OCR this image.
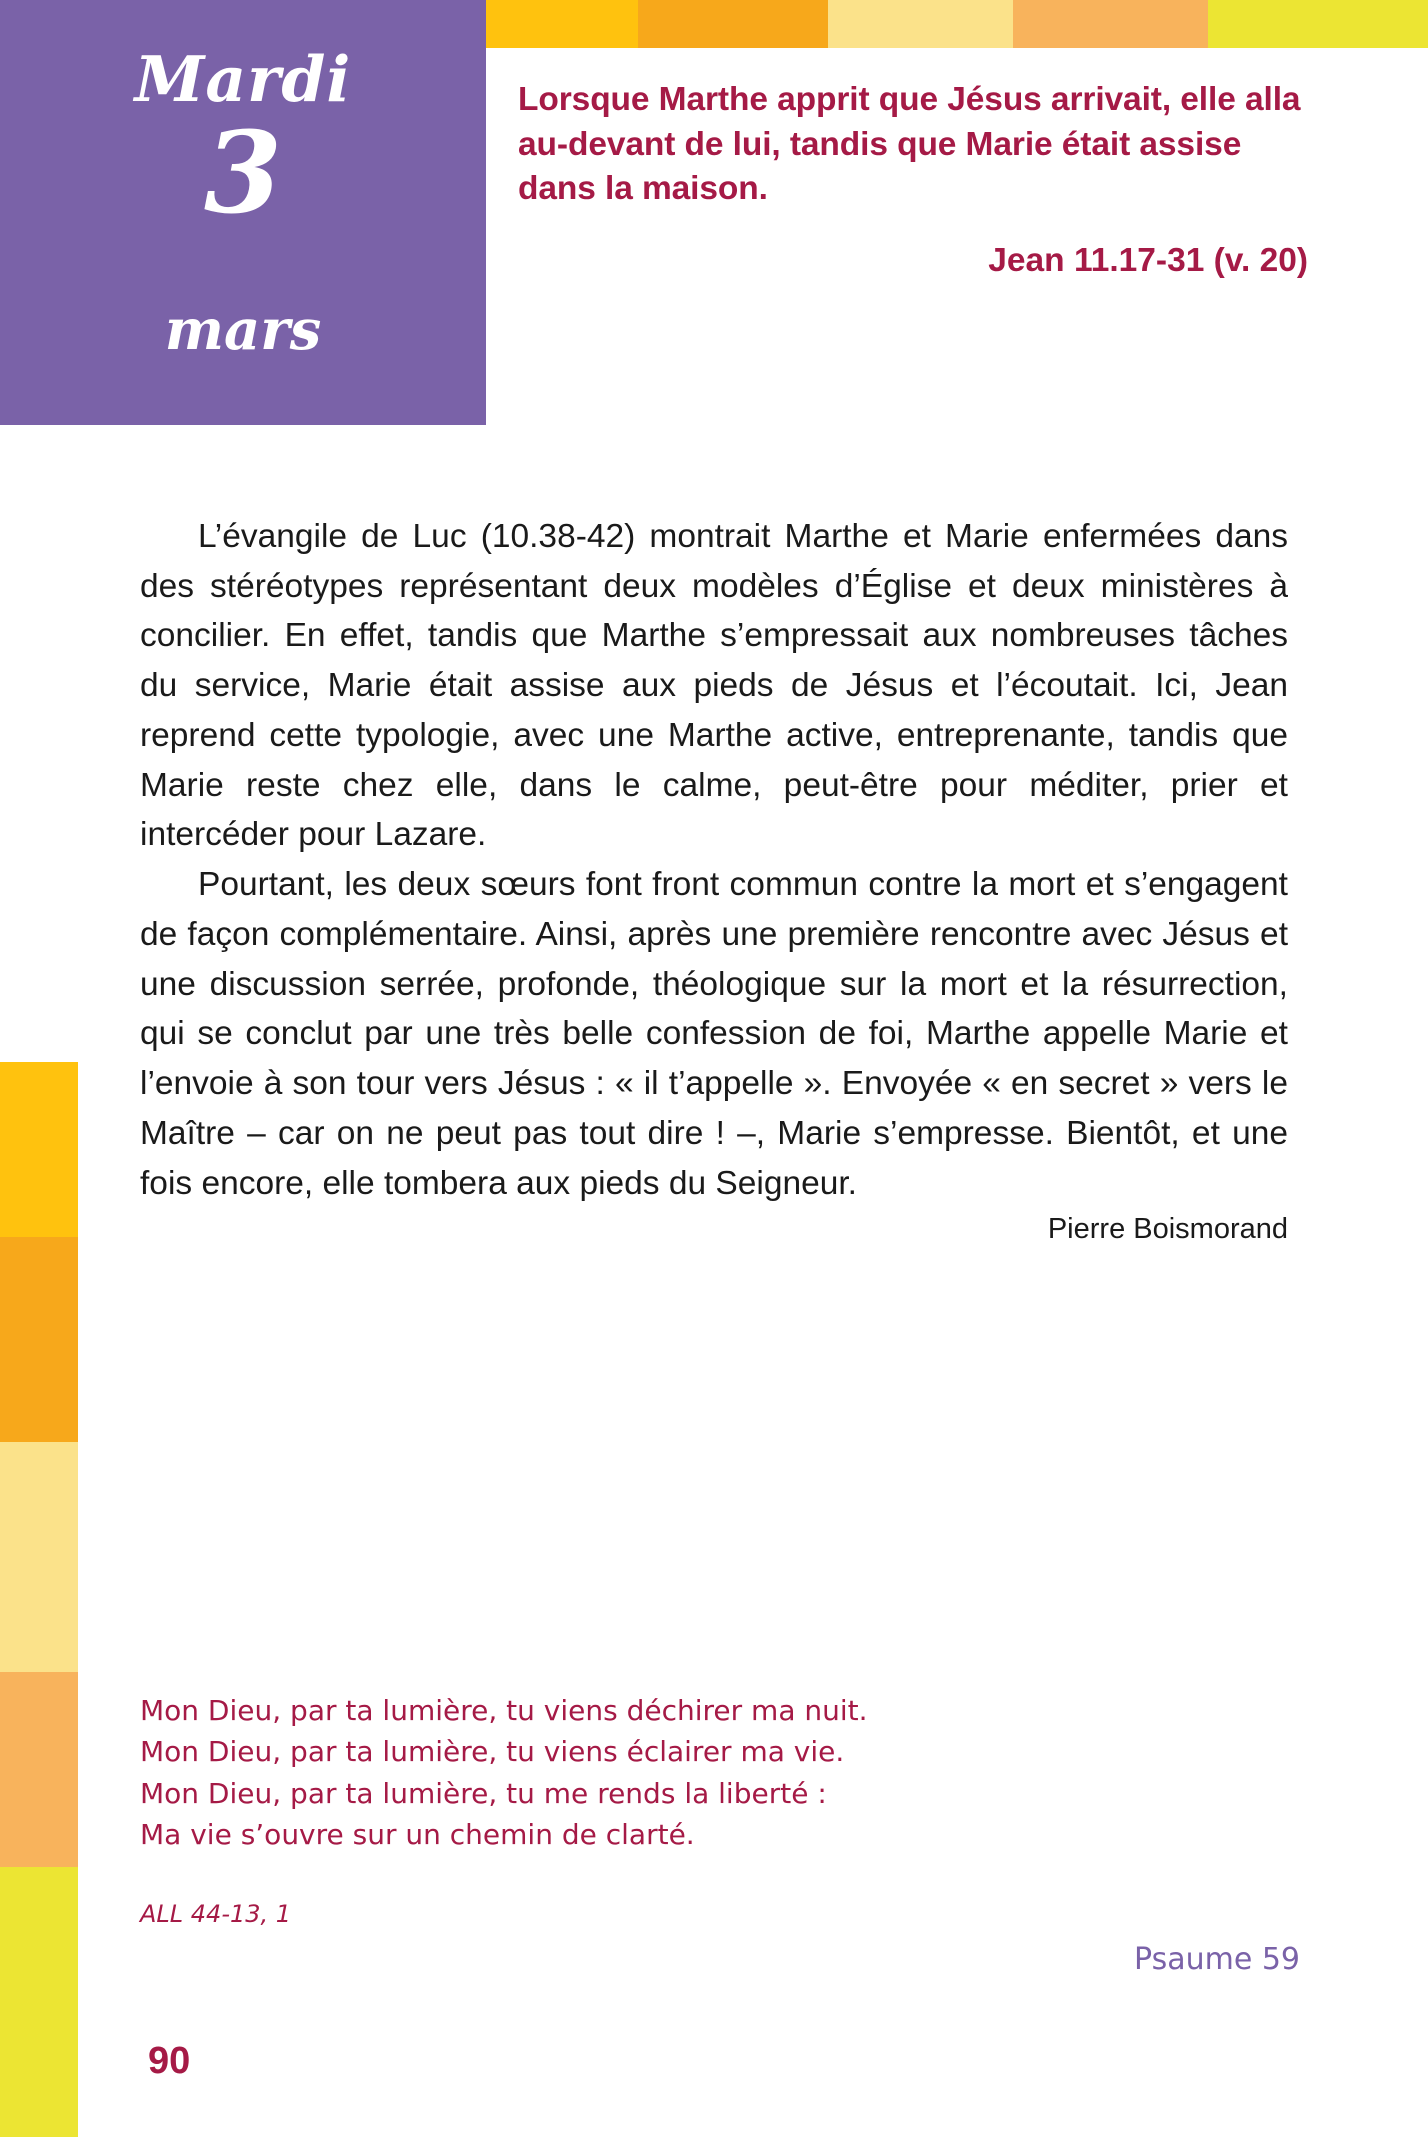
Mardi
3
mars
Lorsque Marthe apprit que Jésus arrivait, elle alla au-devant de lui, tandis que Marie était assise dans la maison.
Jean 11.17-31 (v. 20)

L’évangile de Luc (10.38-42) montrait Marthe et Marie enfermées dans des stéréotypes représentant deux modèles d’Église et deux ministères à concilier. En effet, tandis que Marthe s’empressait aux nombreuses tâches du service, Marie était assise aux pieds de Jésus et l’écoutait. Ici, Jean reprend cette typologie, avec une Marthe active, entreprenante, tandis que Marie reste chez elle, dans le calme, peut-être pour méditer, prier et intercéder pour Lazare.

Pourtant, les deux sœurs font front commun contre la mort et s’engagent de façon complémentaire. Ainsi, après une première rencontre avec Jésus et une discussion serrée, profonde, théologique sur la mort et la résurrection, qui se conclut par une très belle confession de foi, Marthe appelle Marie et l’envoie à son tour vers Jésus : « il t’appelle ». Envoyée « en secret » vers le Maître – car on ne peut pas tout dire ! –, Marie s’empresse. Bientôt, et une fois encore, elle tombera aux pieds du Seigneur.

Pierre Boismorand

Mon Dieu, par ta lumière, tu viens déchirer ma nuit.
Mon Dieu, par ta lumière, tu viens éclairer ma vie.
Mon Dieu, par ta lumière, tu me rends la liberté :
Ma vie s’ouvre sur un chemin de clarté.
ALL 44-13, 1
Psaume 59
90
